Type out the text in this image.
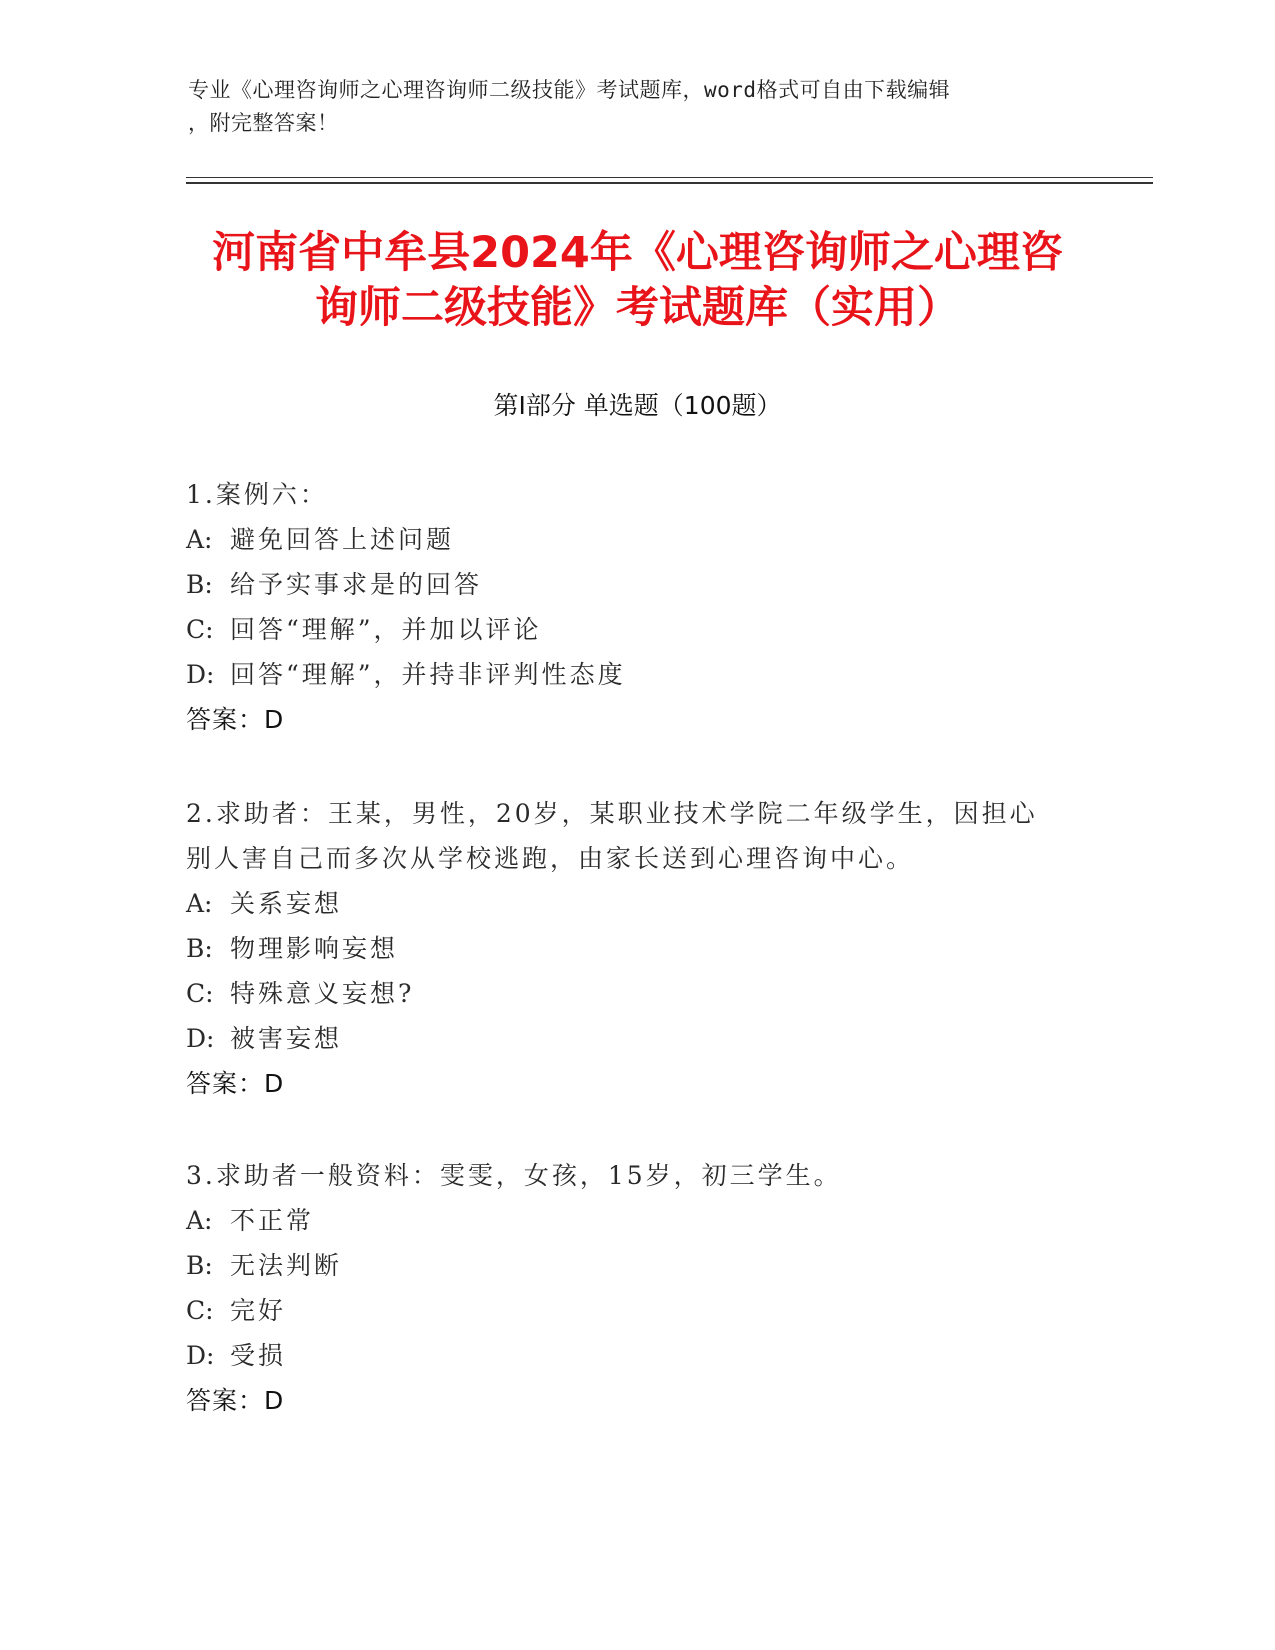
专业《心理咨询师之心理咨询师二级技能》考试题库，word格式可自由下载编辑
，附完整答案！
河南省中牟县2024年《心理咨询师之心理咨
询师二级技能》考试题库（实用）
第Ⅰ部分 单选题（100题）
1.案例六：
A: 避免回答上述问题
B: 给予实事求是的回答
C: 回答“理解”，并加以评论
D: 回答“理解”，并持非评判性态度
答案：D
2.求助者：王某，男性，20岁，某职业技术学院二年级学生，因担心
别人害自己而多次从学校逃跑，由家长送到心理咨询中心。
A: 关系妄想
B: 物理影响妄想
C: 特殊意义妄想?
D: 被害妄想
答案：D
3.求助者一般资料：雯雯，女孩，15岁，初三学生。
A: 不正常
B: 无法判断
C: 完好
D: 受损
答案：D
